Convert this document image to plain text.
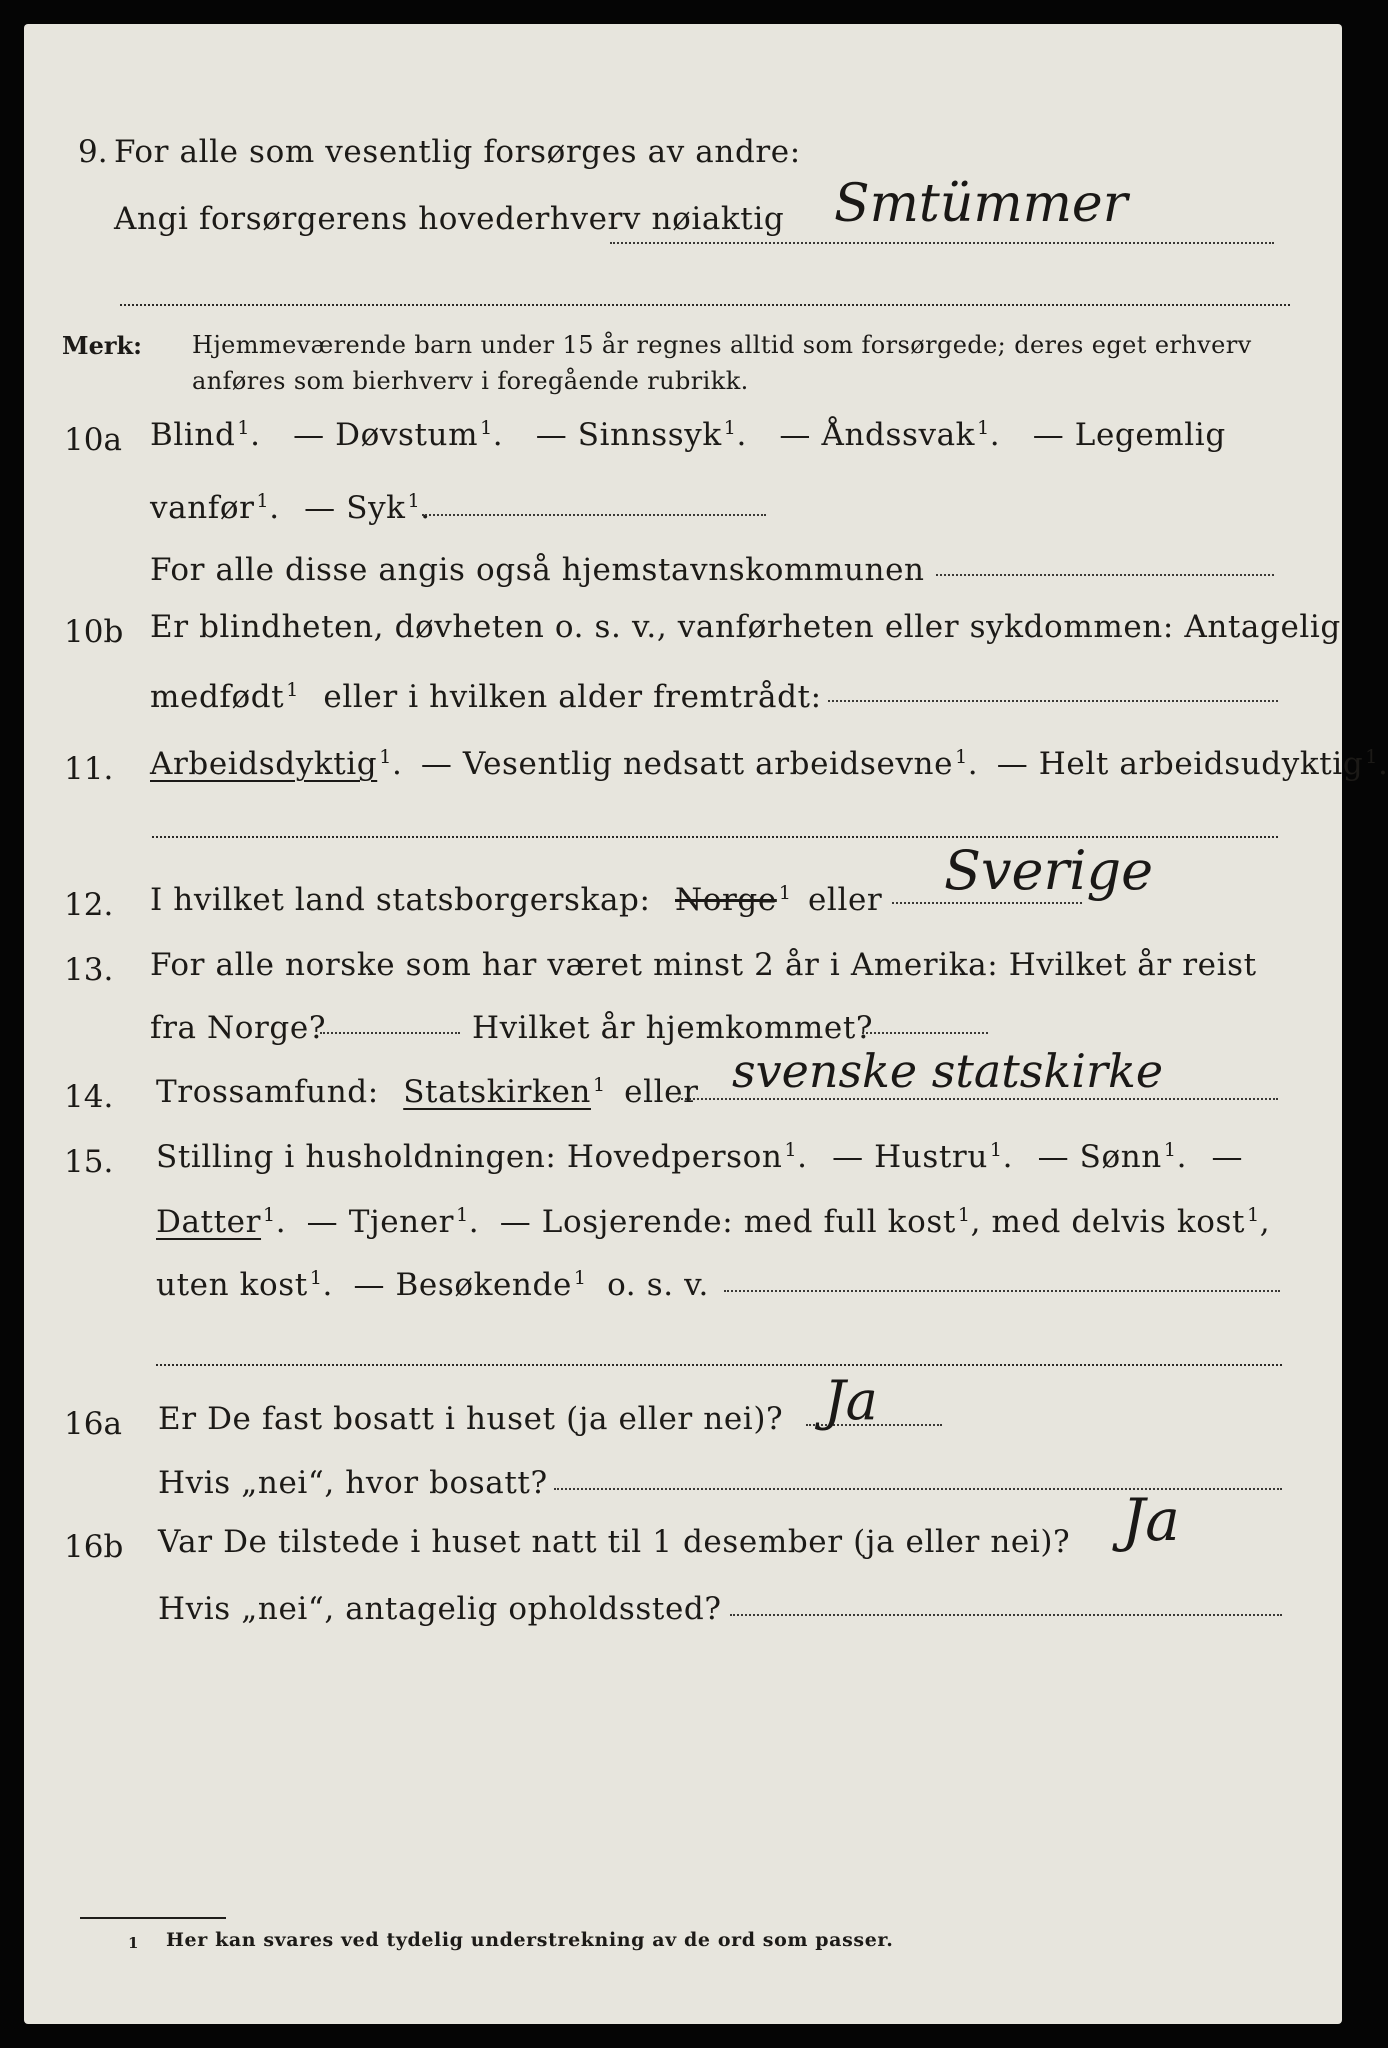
9. For alle som vesentlig forsørges av andre:
Angi forsørgerens hovederhverv nøiaktig Smtümmer
Merk: Hjemmeværende barn under 15 år regnes alltid som forsørgede; deres eget erhverv
anføres som bierhverv i foregående rubrikk.
10a Blind $^1$. — Døvstum $^1$. — Sinnssyk $^1$. — Åndssvak $^1$. — Legemlig
vanfør $^1$. — Syk $^1$.
For alle disse angis også hjemstavnskommunen
10b Er blindheten, døvheten o. s. v., vanførheten eller sykdommen: Antagelig
medfødt $^1$ eller i hvilken alder fremtrådt:
11. Arbeidsdyktig $^1$. — Vesentlig nedsatt arbeidsevne $^1$. — Helt arbeidsudyktig $^1$.
12. I hvilket land statsborgerskap: Norge $^1$ eller Sverige
13. For alle norske som har været minst 2 år i Amerika: Hvilket år reist
fra Norge?	Hvilket år hjemkommet?
14. Trossamfund: Statskirken $^1$ eller svenske statskirke
15. Stilling i husholdningen: Hovedperson $^1$. — Hustru $^1$. — Sønn $^1$. —
Datter $^1$. — Tjener $^1$. — Losjerende: med full kost $^1$, med delvis kost $^1$,
uten kost $^1$. — Besøkende $^1$ o. s. v.
16a Er De fast bosatt i huset (ja eller nei)? Ja
Hvis „nei“, hvor bosatt?
16b Var De tilstede i huset natt til 1 desember (ja eller nei)? Ja
Hvis „nei“, antagelig opholdssted?
1 Her kan svares ved tydelig understrekning av de ord som passer.
